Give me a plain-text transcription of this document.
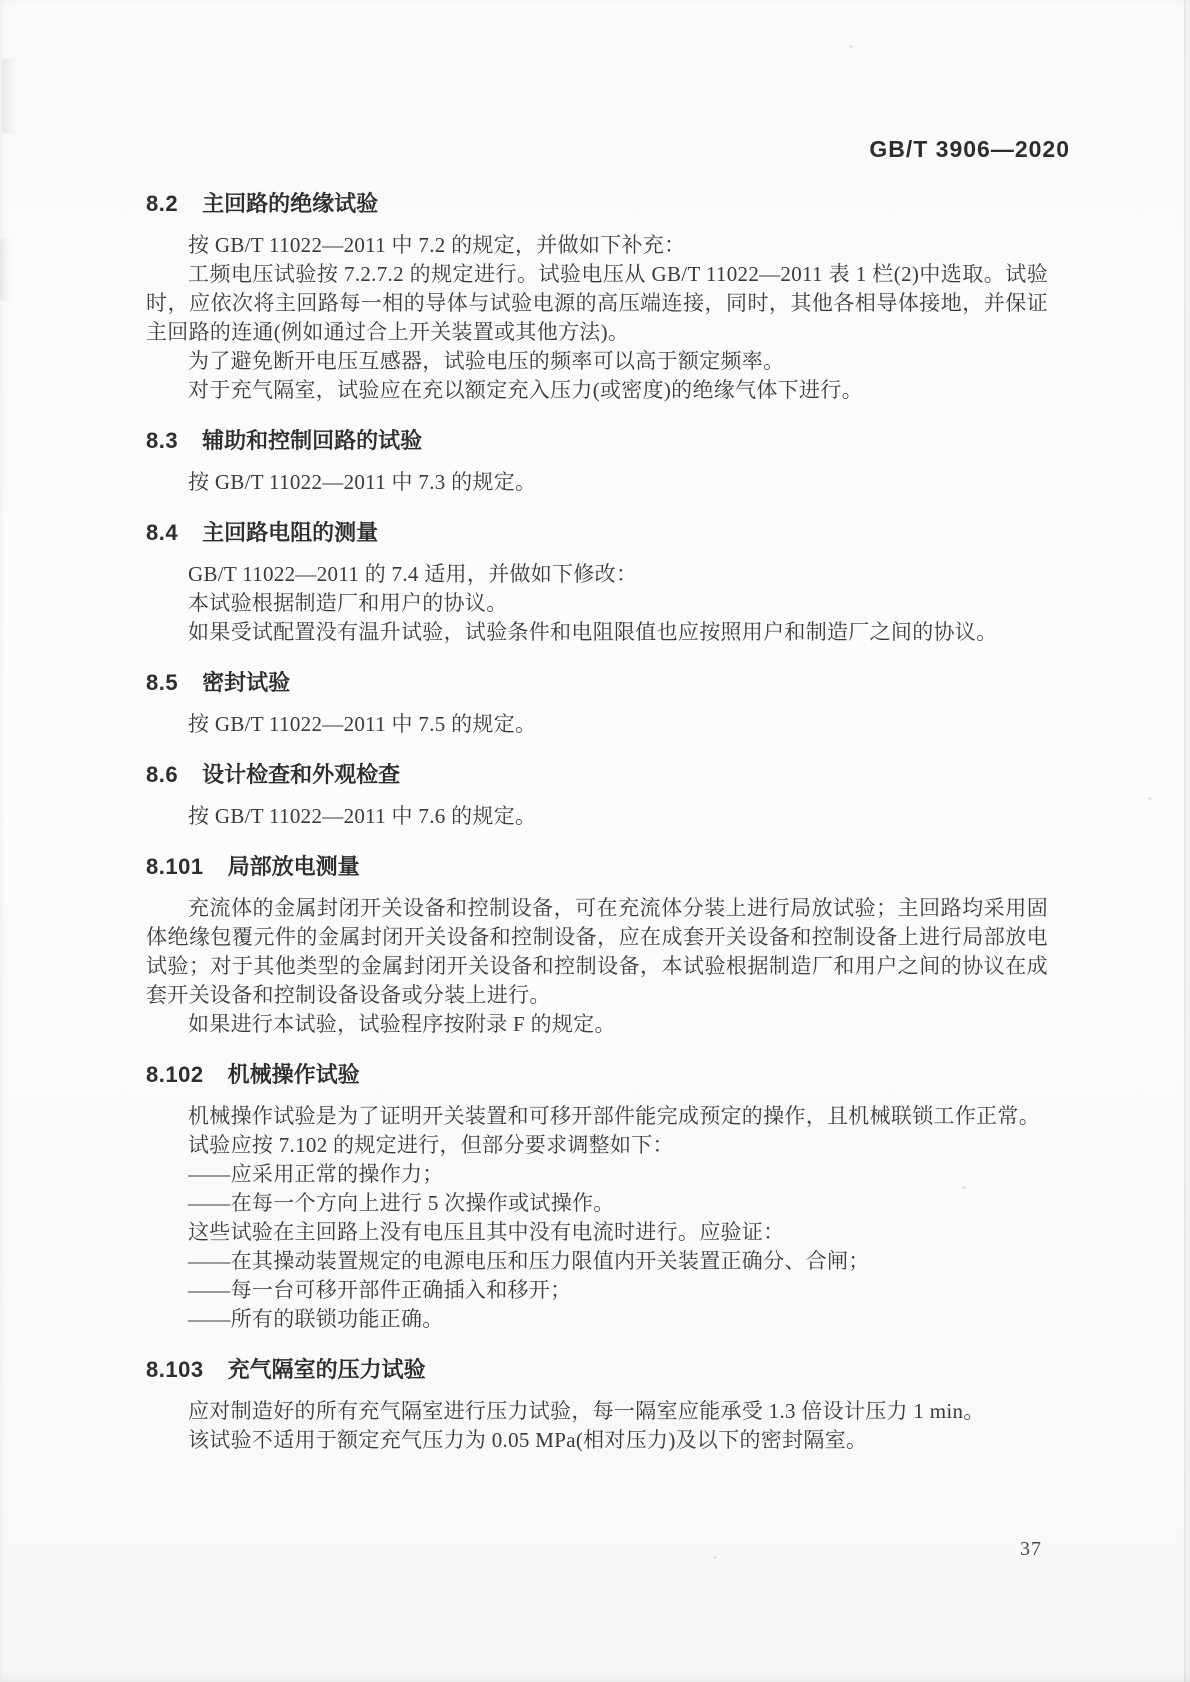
GB/T 3906—2020
8.2 主回路的绝缘试验

按 GB/T 11022—2011 中 7.2 的规定，并做如下补充：

工频电压试验按 7.2.7.2 的规定进行。试验电压从 GB/T 11022—2011 表 1 栏(2)中选取。试验时，应依次将主回路每一相的导体与试验电源的高压端连接，同时，其他各相导体接地，并保证主回路的连通(例如通过合上开关装置或其他方法)。

为了避免断开电压互感器，试验电压的频率可以高于额定频率。

对于充气隔室，试验应在充以额定充入压力(或密度)的绝缘气体下进行。

8.3 辅助和控制回路的试验

按 GB/T 11022—2011 中 7.3 的规定。

8.4 主回路电阻的测量

GB/T 11022—2011 的 7.4 适用，并做如下修改：

本试验根据制造厂和用户的协议。

如果受试配置没有温升试验，试验条件和电阻限值也应按照用户和制造厂之间的协议。

8.5 密封试验

按 GB/T 11022—2011 中 7.5 的规定。

8.6 设计检查和外观检查

按 GB/T 11022—2011 中 7.6 的规定。

8.101 局部放电测量

充流体的金属封闭开关设备和控制设备，可在充流体分装上进行局放试验；主回路均采用固体绝缘包覆元件的金属封闭开关设备和控制设备，应在成套开关设备和控制设备上进行局部放电试验；对于其他类型的金属封闭开关设备和控制设备，本试验根据制造厂和用户之间的协议在成套开关设备和控制设备设备或分装上进行。

如果进行本试验，试验程序按附录 F 的规定。

8.102 机械操作试验

机械操作试验是为了证明开关装置和可移开部件能完成预定的操作，且机械联锁工作正常。

试验应按 7.102 的规定进行，但部分要求调整如下：

——应采用正常的操作力；

——在每一个方向上进行 5 次操作或试操作。

这些试验在主回路上没有电压且其中没有电流时进行。应验证：

——在其操动装置规定的电源电压和压力限值内开关装置正确分、合闸；

——每一台可移开部件正确插入和移开；

——所有的联锁功能正确。

8.103 充气隔室的压力试验

应对制造好的所有充气隔室进行压力试验，每一隔室应能承受 1.3 倍设计压力 1 min。

该试验不适用于额定充气压力为 0.05 MPa(相对压力)及以下的密封隔室。

37
